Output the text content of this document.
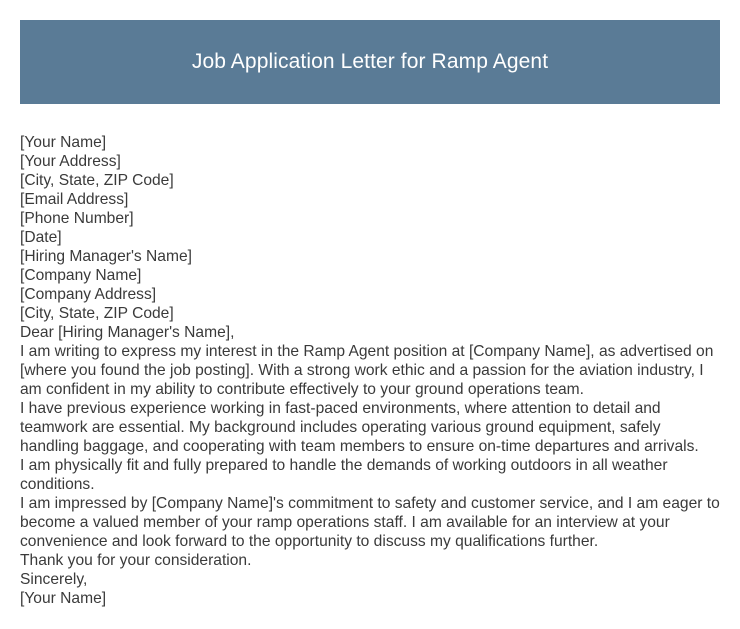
Job Application Letter for Ramp Agent
[Your Name]
[Your Address]
[City, State, ZIP Code]
[Email Address]
[Phone Number]
[Date]
[Hiring Manager's Name]
[Company Name]
[Company Address]
[City, State, ZIP Code]
Dear [Hiring Manager's Name],
I am writing to express my interest in the Ramp Agent position at [Company Name], as advertised on [where you found the job posting]. With a strong work ethic and a passion for the aviation industry, I am confident in my ability to contribute effectively to your ground operations team.
I have previous experience working in fast-paced environments, where attention to detail and teamwork are essential. My background includes operating various ground equipment, safely handling baggage, and cooperating with team members to ensure on-time departures and arrivals.
I am physically fit and fully prepared to handle the demands of working outdoors in all weather conditions.
I am impressed by [Company Name]'s commitment to safety and customer service, and I am eager to become a valued member of your ramp operations staff. I am available for an interview at your convenience and look forward to the opportunity to discuss my qualifications further.
Thank you for your consideration.
Sincerely,
[Your Name]
